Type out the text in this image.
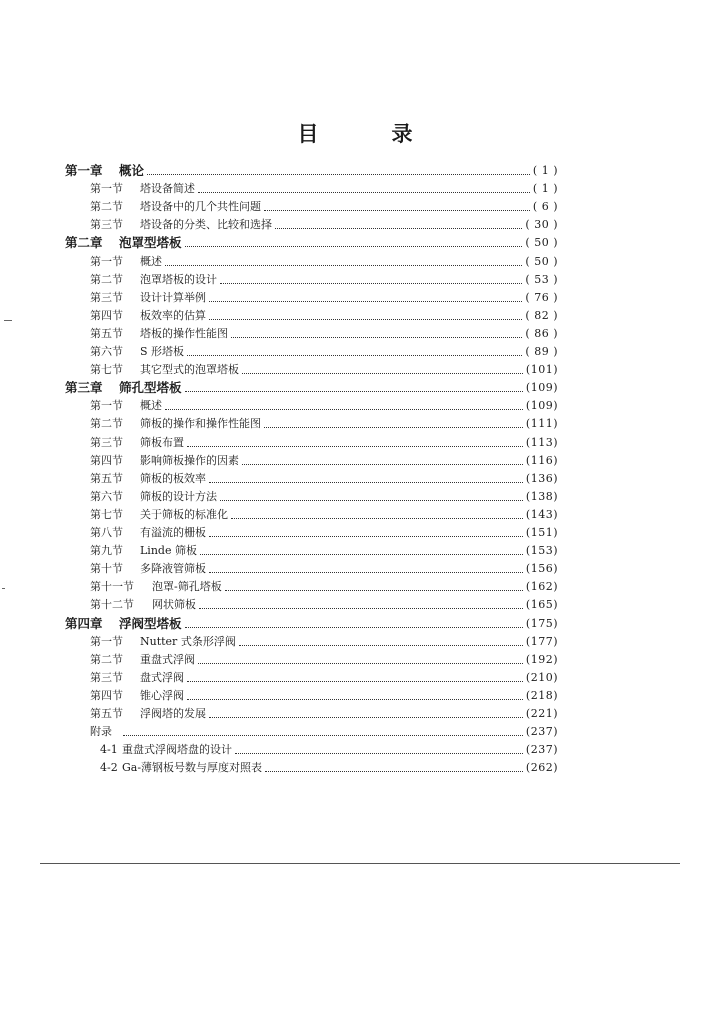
目　录
第一章 概论	( 1 )
第一节 塔设备简述	( 1 )
第二节 塔设备中的几个共性问题	( 6 )
第三节 塔设备的分类、比较和选择	( 30 )
第二章 泡罩型塔板	( 50 )
第一节 概述	( 50 )
第二节 泡罩塔板的设计	( 53 )
第三节 设计计算举例	( 76 )
第四节 板效率的估算	( 82 )
第五节 塔板的操作性能图	( 86 )
第六节 S 形塔板	( 89 )
第七节 其它型式的泡罩塔板	(101)
第三章 筛孔型塔板	(109)
第一节 概述	(109)
第二节 筛板的操作和操作性能图	(111)
第三节 筛板布置	(113)
第四节 影响筛板操作的因素	(116)
第五节 筛板的板效率	(136)
第六节 筛板的设计方法	(138)
第七节 关于筛板的标准化	(143)
第八节 有溢流的栅板	(151)
第九节 Linde 筛板	(153)
第十节 多降液管筛板	(156)
第十一节 泡罩-筛孔塔板	(162)
第十二节 网状筛板	(165)
第四章 浮阀型塔板	(175)
第一节 Nutter 式条形浮阀	(177)
第二节 重盘式浮阀	(192)
第三节 盘式浮阀	(210)
第四节 锥心浮阀	(218)
第五节 浮阀塔的发展	(221)
附录	(237)
4-1 重盘式浮阀塔盘的设计	(237)
4-2 Ga-薄钢板号数与厚度对照表	(262)
